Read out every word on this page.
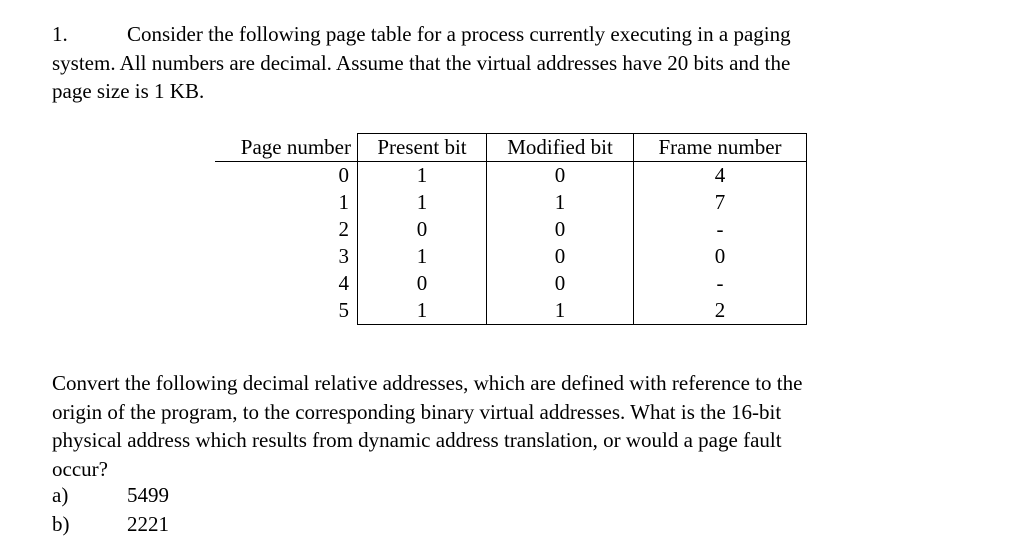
1.	Consider the following page table for a process currently executing in a paging
system. All numbers are decimal. Assume that the virtual addresses have 20 bits and the
page size is 1 KB.
Page number	Present bit	Modified bit	Frame number
0	1	0	4
1	1	1	7
2	0	0	-
3	1	0	0
4	0	0	-
5	1	1	2
Convert the following decimal relative addresses, which are defined with reference to the
origin of the program, to the corresponding binary virtual addresses. What is the 16-bit
physical address which results from dynamic address translation, or would a page fault
occur?
a)	5499
b)	2221
